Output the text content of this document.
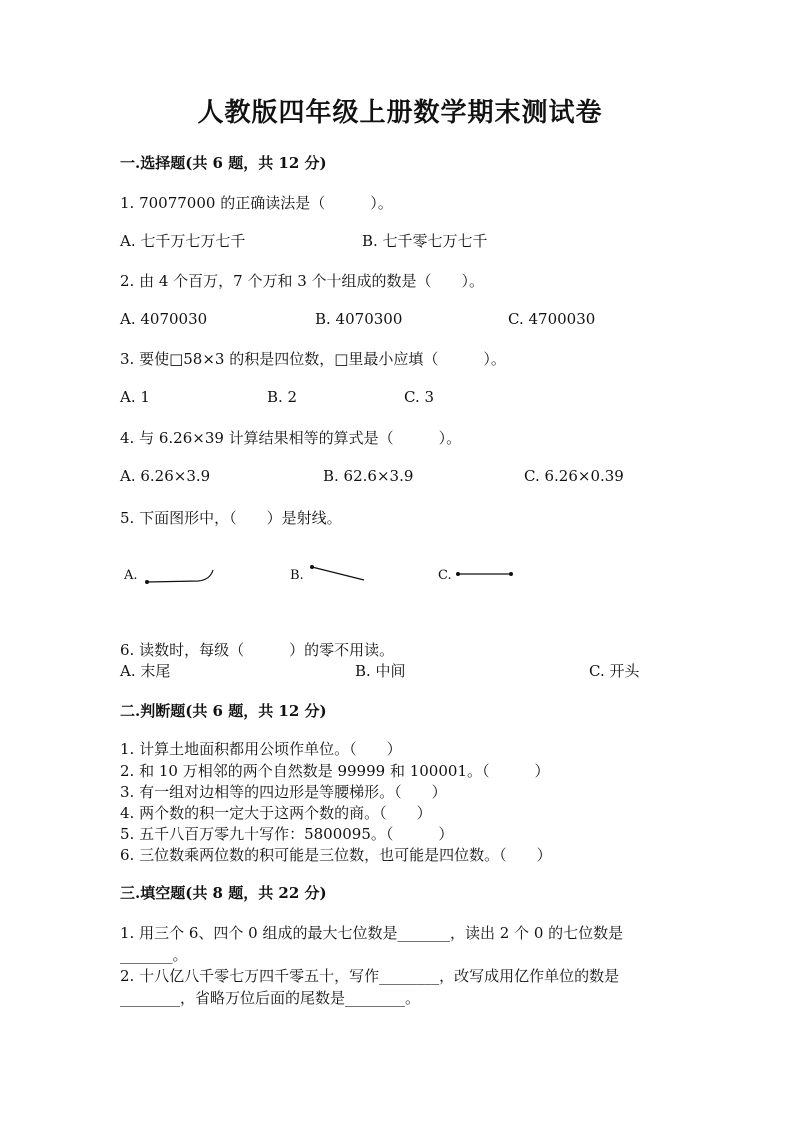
人教版四年级上册数学期末测试卷
一.选择题(共 6 题，共 12 分)
1. 70077000 的正确读法是（　　　）。
A. 七千万七万七千	B. 七千零七万七千
2. 由 4 个百万，7 个万和 3 个十组成的数是（　　）。
A. 4070030	B. 4070300	C. 4700030
3. 要使□58×3 的积是四位数，□里最小应填（　　　）。
A. 1	B. 2	C. 3
4. 与 6.26×39 计算结果相等的算式是（　　　）。
A. 6.26×3.9	B. 62.6×3.9	C. 6.26×0.39
5. 下面图形中，（　　）是射线。
A.	B.	C.
6. 读数时，每级（　　　）的零不用读。
A. 末尾	B. 中间	C. 开头
二.判断题(共 6 题，共 12 分)
1. 计算土地面积都用公顷作单位。（　　）
2. 和 10 万相邻的两个自然数是 99999 和 100001。（　　　）
3. 有一组对边相等的四边形是等腰梯形。（　　）
4. 两个数的积一定大于这两个数的商。（　　）
5. 五千八百万零九十写作：5800095。（　　　）
6. 三位数乘两位数的积可能是三位数，也可能是四位数。（　　）
三.填空题(共 8 题，共 22 分)
1. 用三个 6、四个 0 组成的最大七位数是_______，读出 2 个 0 的七位数是
_______。
2. 十八亿八千零七万四千零五十，写作________，改写成用亿作单位的数是
________，省略万位后面的尾数是________。
